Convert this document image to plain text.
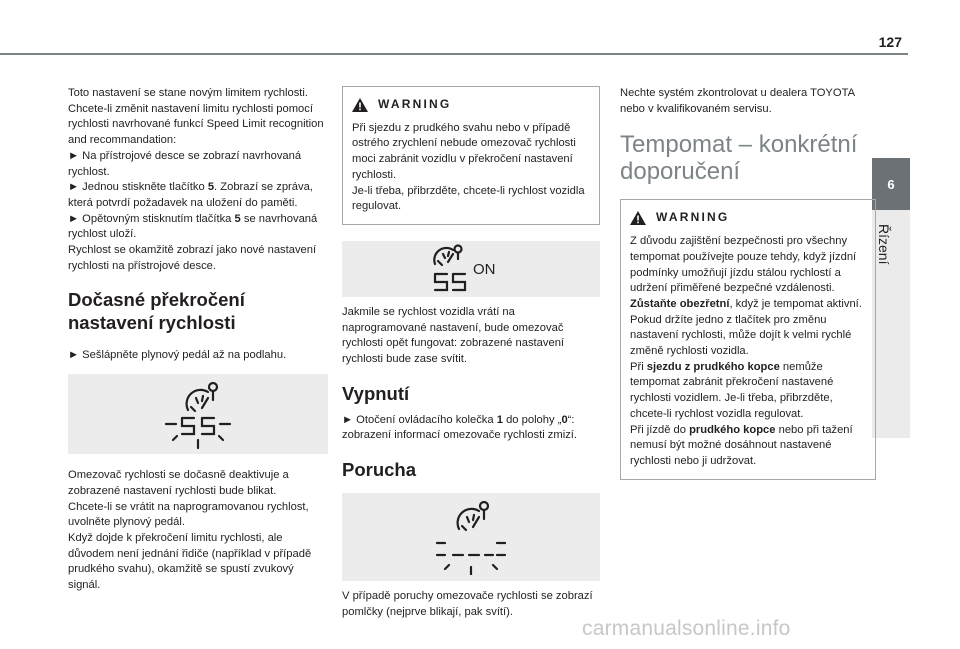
127
6
Řízení

Toto nastavení se stane novým limitem rychlosti.

Chcete-li změnit nastavení limitu rychlosti pomocí rychlosti navrhované funkcí Speed Limit recognition and recommandation:

► Na přístrojové desce se zobrazí navrhovaná rychlost.

► Jednou stiskněte tlačítko 5. Zobrazí se zpráva, která potvrdí požadavek na uložení do paměti.

► Opětovným stisknutím tlačítka 5 se navrhovaná rychlost uloží.

Rychlost se okamžitě zobrazí jako nové nastavení rychlosti na přístrojové desce.

Dočasné překročení nastavení rychlosti

► Sešlápněte plynový pedál až na podlahu.

Omezovač rychlosti se dočasně deaktivuje a zobrazené nastavení rychlosti bude blikat.

Chcete-li se vrátit na naprogramovanou rychlost, uvolněte plynový pedál.

Když dojde k překročení limitu rychlosti, ale důvodem není jednání řidiče (například v případě prudkého svahu), okamžitě se spustí zvukový signál.

WARNING

Při sjezdu z prudkého svahu nebo v případě ostrého zrychlení nebude omezovač rychlosti moci zabránit vozidlu v překročení nastavení rychlosti.

Je-li třeba, přibrzděte, chcete-li rychlost vozidla regulovat.

ON

Jakmile se rychlost vozidla vrátí na naprogramované nastavení, bude omezovač rychlosti opět fungovat: zobrazené nastavení rychlosti bude zase svítit.

Vypnutí

► Otočení ovládacího kolečka 1 do polohy „0“: zobrazení informací omezovače rychlosti zmizí.

Porucha

V případě poruchy omezovače rychlosti se zobrazí pomlčky (nejprve blikají, pak svítí).

Nechte systém zkontrolovat u dealera TOYOTA nebo v kvalifikovaném servisu.

Tempomat – konkrétní doporučení
WARNING

Z důvodu zajištění bezpečnosti pro všechny tempomat používejte pouze tehdy, když jízdní podmínky umožňují jízdu stálou rychlostí a udržení přiměřené bezpečné vzdálenosti.

Zůstaňte obezřetní, když je tempomat aktivní. Pokud držíte jedno z tlačítek pro změnu nastavení rychlosti, může dojít k velmi rychlé změně rychlosti vozidla.

Při sjezdu z prudkého kopce nemůže tempomat zabránit překročení nastavené rychlosti vozidlem. Je-li třeba, přibrzděte, chcete-li rychlost vozidla regulovat.

Při jízdě do prudkého kopce nebo při tažení nemusí být možné dosáhnout nastavené rychlosti nebo ji udržovat.

carmanualsonline.info
